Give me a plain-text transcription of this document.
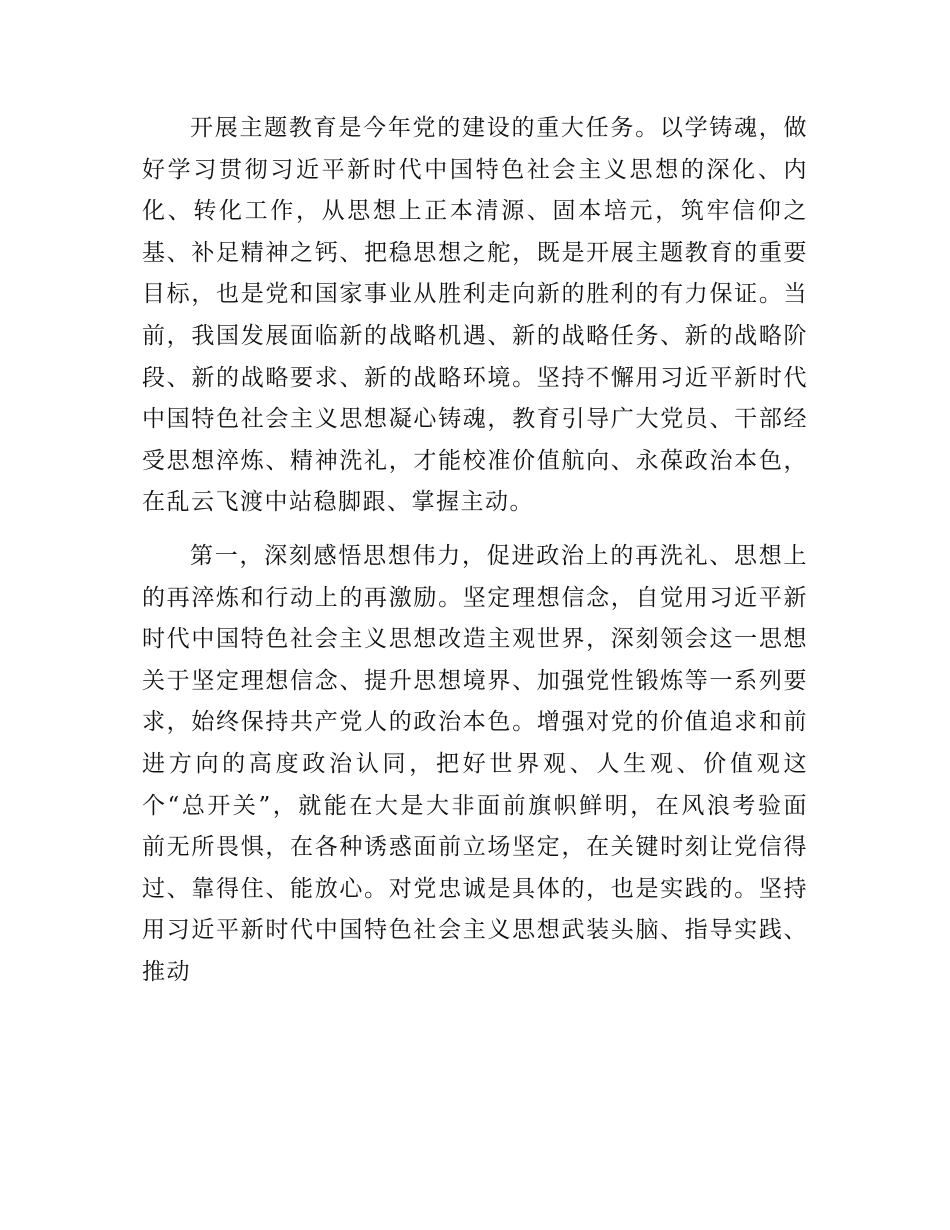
开展主题教育是今年党的建设的重大任务。以学铸魂，做
好学习贯彻习近平新时代中国特色社会主义思想的深化、内
化、转化工作，从思想上正本清源、固本培元，筑牢信仰之
基、补足精神之钙、把稳思想之舵，既是开展主题教育的重要
目标，也是党和国家事业从胜利走向新的胜利的有力保证。当
前，我国发展面临新的战略机遇、新的战略任务、新的战略阶
段、新的战略要求、新的战略环境。坚持不懈用习近平新时代
中国特色社会主义思想凝心铸魂，教育引导广大党员、干部经
受思想淬炼、精神洗礼，才能校准价值航向、永葆政治本色，
在乱云飞渡中站稳脚跟、掌握主动。

第一，深刻感悟思想伟力，促进政治上的再洗礼、思想上
的再淬炼和行动上的再激励。坚定理想信念，自觉用习近平新
时代中国特色社会主义思想改造主观世界，深刻领会这一思想
关于坚定理想信念、提升思想境界、加强党性锻炼等一系列要
求，始终保持共产党人的政治本色。增强对党的价值追求和前
进方向的高度政治认同，把好世界观、人生观、价值观这
个“总开关”，就能在大是大非面前旗帜鲜明，在风浪考验面
前无所畏惧，在各种诱惑面前立场坚定，在关键时刻让党信得
过、靠得住、能放心。对党忠诚是具体的，也是实践的。坚持
用习近平新时代中国特色社会主义思想武装头脑、指导实践、
推动
